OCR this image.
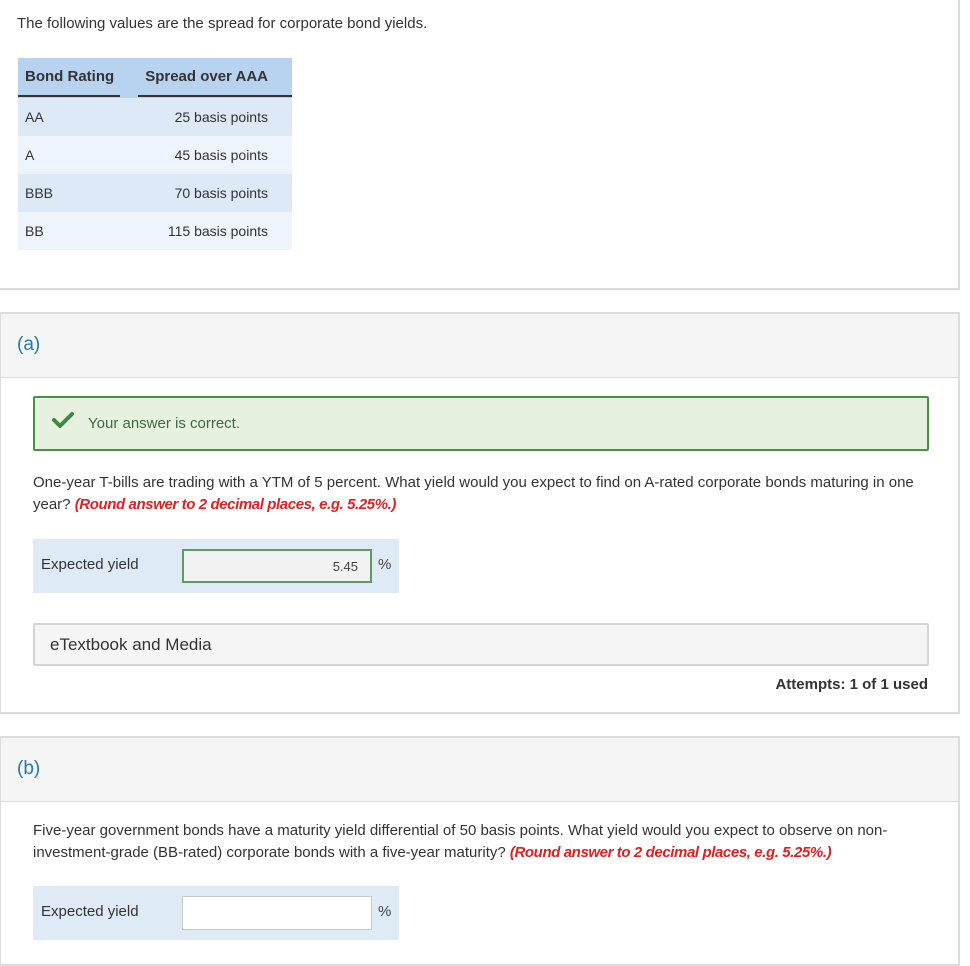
The following values are the spread for corporate bond yields.
Bond Rating	Spread over AAA
AA	25 basis points
A	45 basis points
BBB	70 basis points
BB	115 basis points
(a)
Your answer is correct.
One-year T-bills are trading with a YTM of 5 percent. What yield would you expect to find on A-rated corporate bonds maturing in one year? (Round answer to 2 decimal places, e.g. 5.25%.)
Expected yield
5.45	%
eTextbook and Media
Attempts: 1 of 1 used
(b)
Five-year government bonds have a maturity yield differential of 50 basis points. What yield would you expect to observe on non-investment-grade (BB-rated) corporate bonds with a five-year maturity? (Round answer to 2 decimal places, e.g. 5.25%.)
Expected yield	%
